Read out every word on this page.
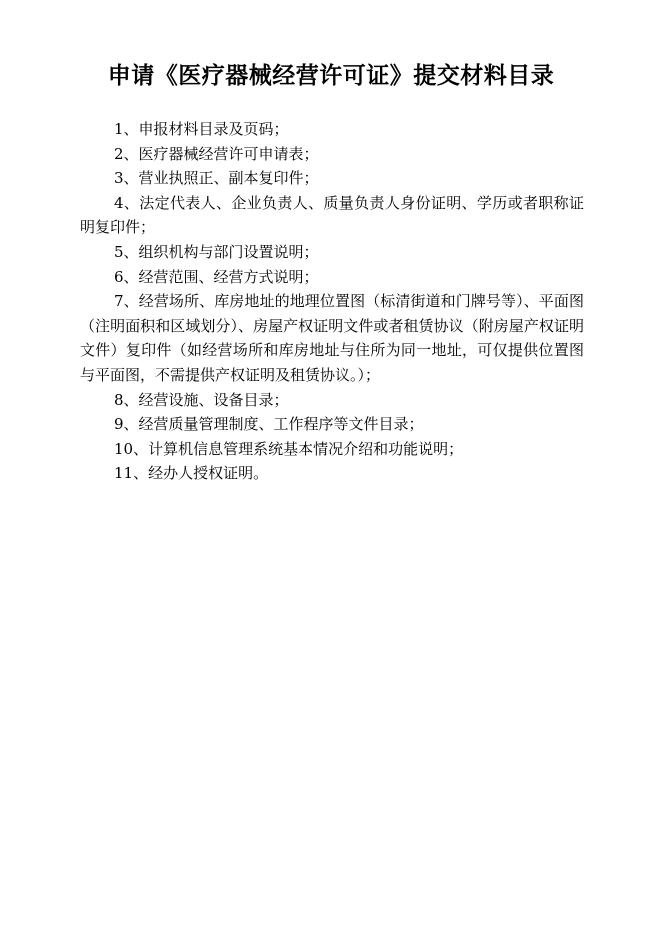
申请《医疗器械经营许可证》提交材料目录
1、申报材料目录及页码；
2、医疗器械经营许可申请表；
3、营业执照正、副本复印件；
4、法定代表人、企业负责人、质量负责人身份证明、学历或者职称证明复印件；
5、组织机构与部门设置说明；
6、经营范围、经营方式说明；
7、经营场所、库房地址的地理位置图（标清街道和门牌号等）、平面图（注明面积和区域划分）、房屋产权证明文件或者租赁协议（附房屋产权证明文件）复印件（如经营场所和库房地址与住所为同一地址，可仅提供位置图与平面图，不需提供产权证明及租赁协议。）；
8、经营设施、设备目录；
9、经营质量管理制度、工作程序等文件目录；
10、计算机信息管理系统基本情况介绍和功能说明；
11、经办人授权证明。
